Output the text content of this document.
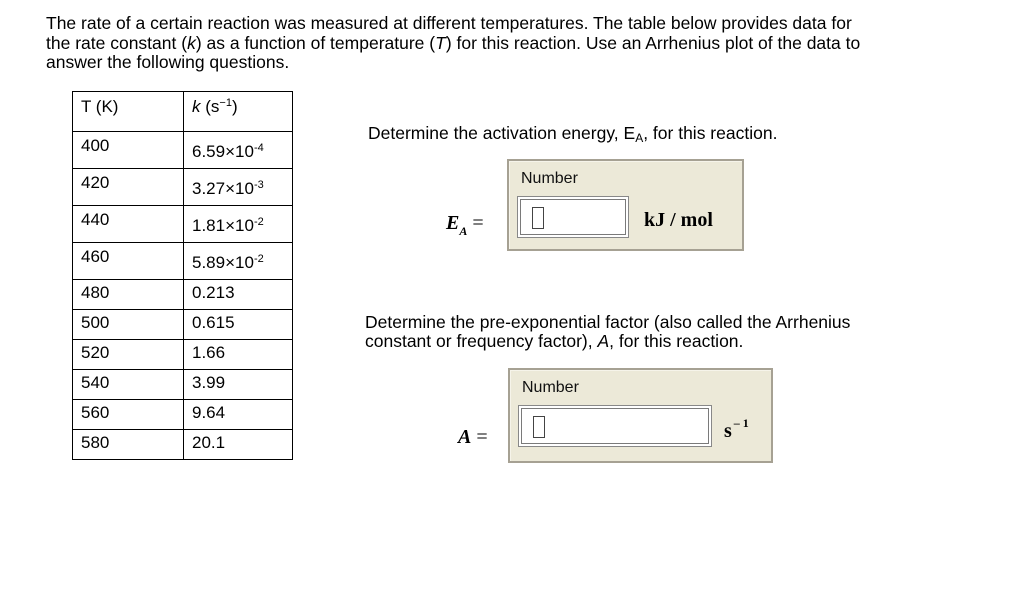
The rate of a certain reaction was measured at different temperatures. The table below provides data for
the rate constant (k) as a function of temperature (T) for this reaction. Use an Arrhenius plot of the data to
answer the following questions.

T (K)	k $(s^{-1})$
400	$6.59\times 10^{-4}$
420	$3.27\times 10^{-3}$
440	$1.81\times 10^{-2}$
460	$5.89\times 10^{-2}$
480	0.213
500	0.615
520	1.66
540	3.99
560	9.64
580	20.1

Determine the activation energy, EA, for this reaction.

$E_A$ =
Number
kJ / mol

Determine the pre-exponential factor (also called the Arrhenius
constant or frequency factor), A, for this reaction.

A =
Number
s $^{- 1}$
